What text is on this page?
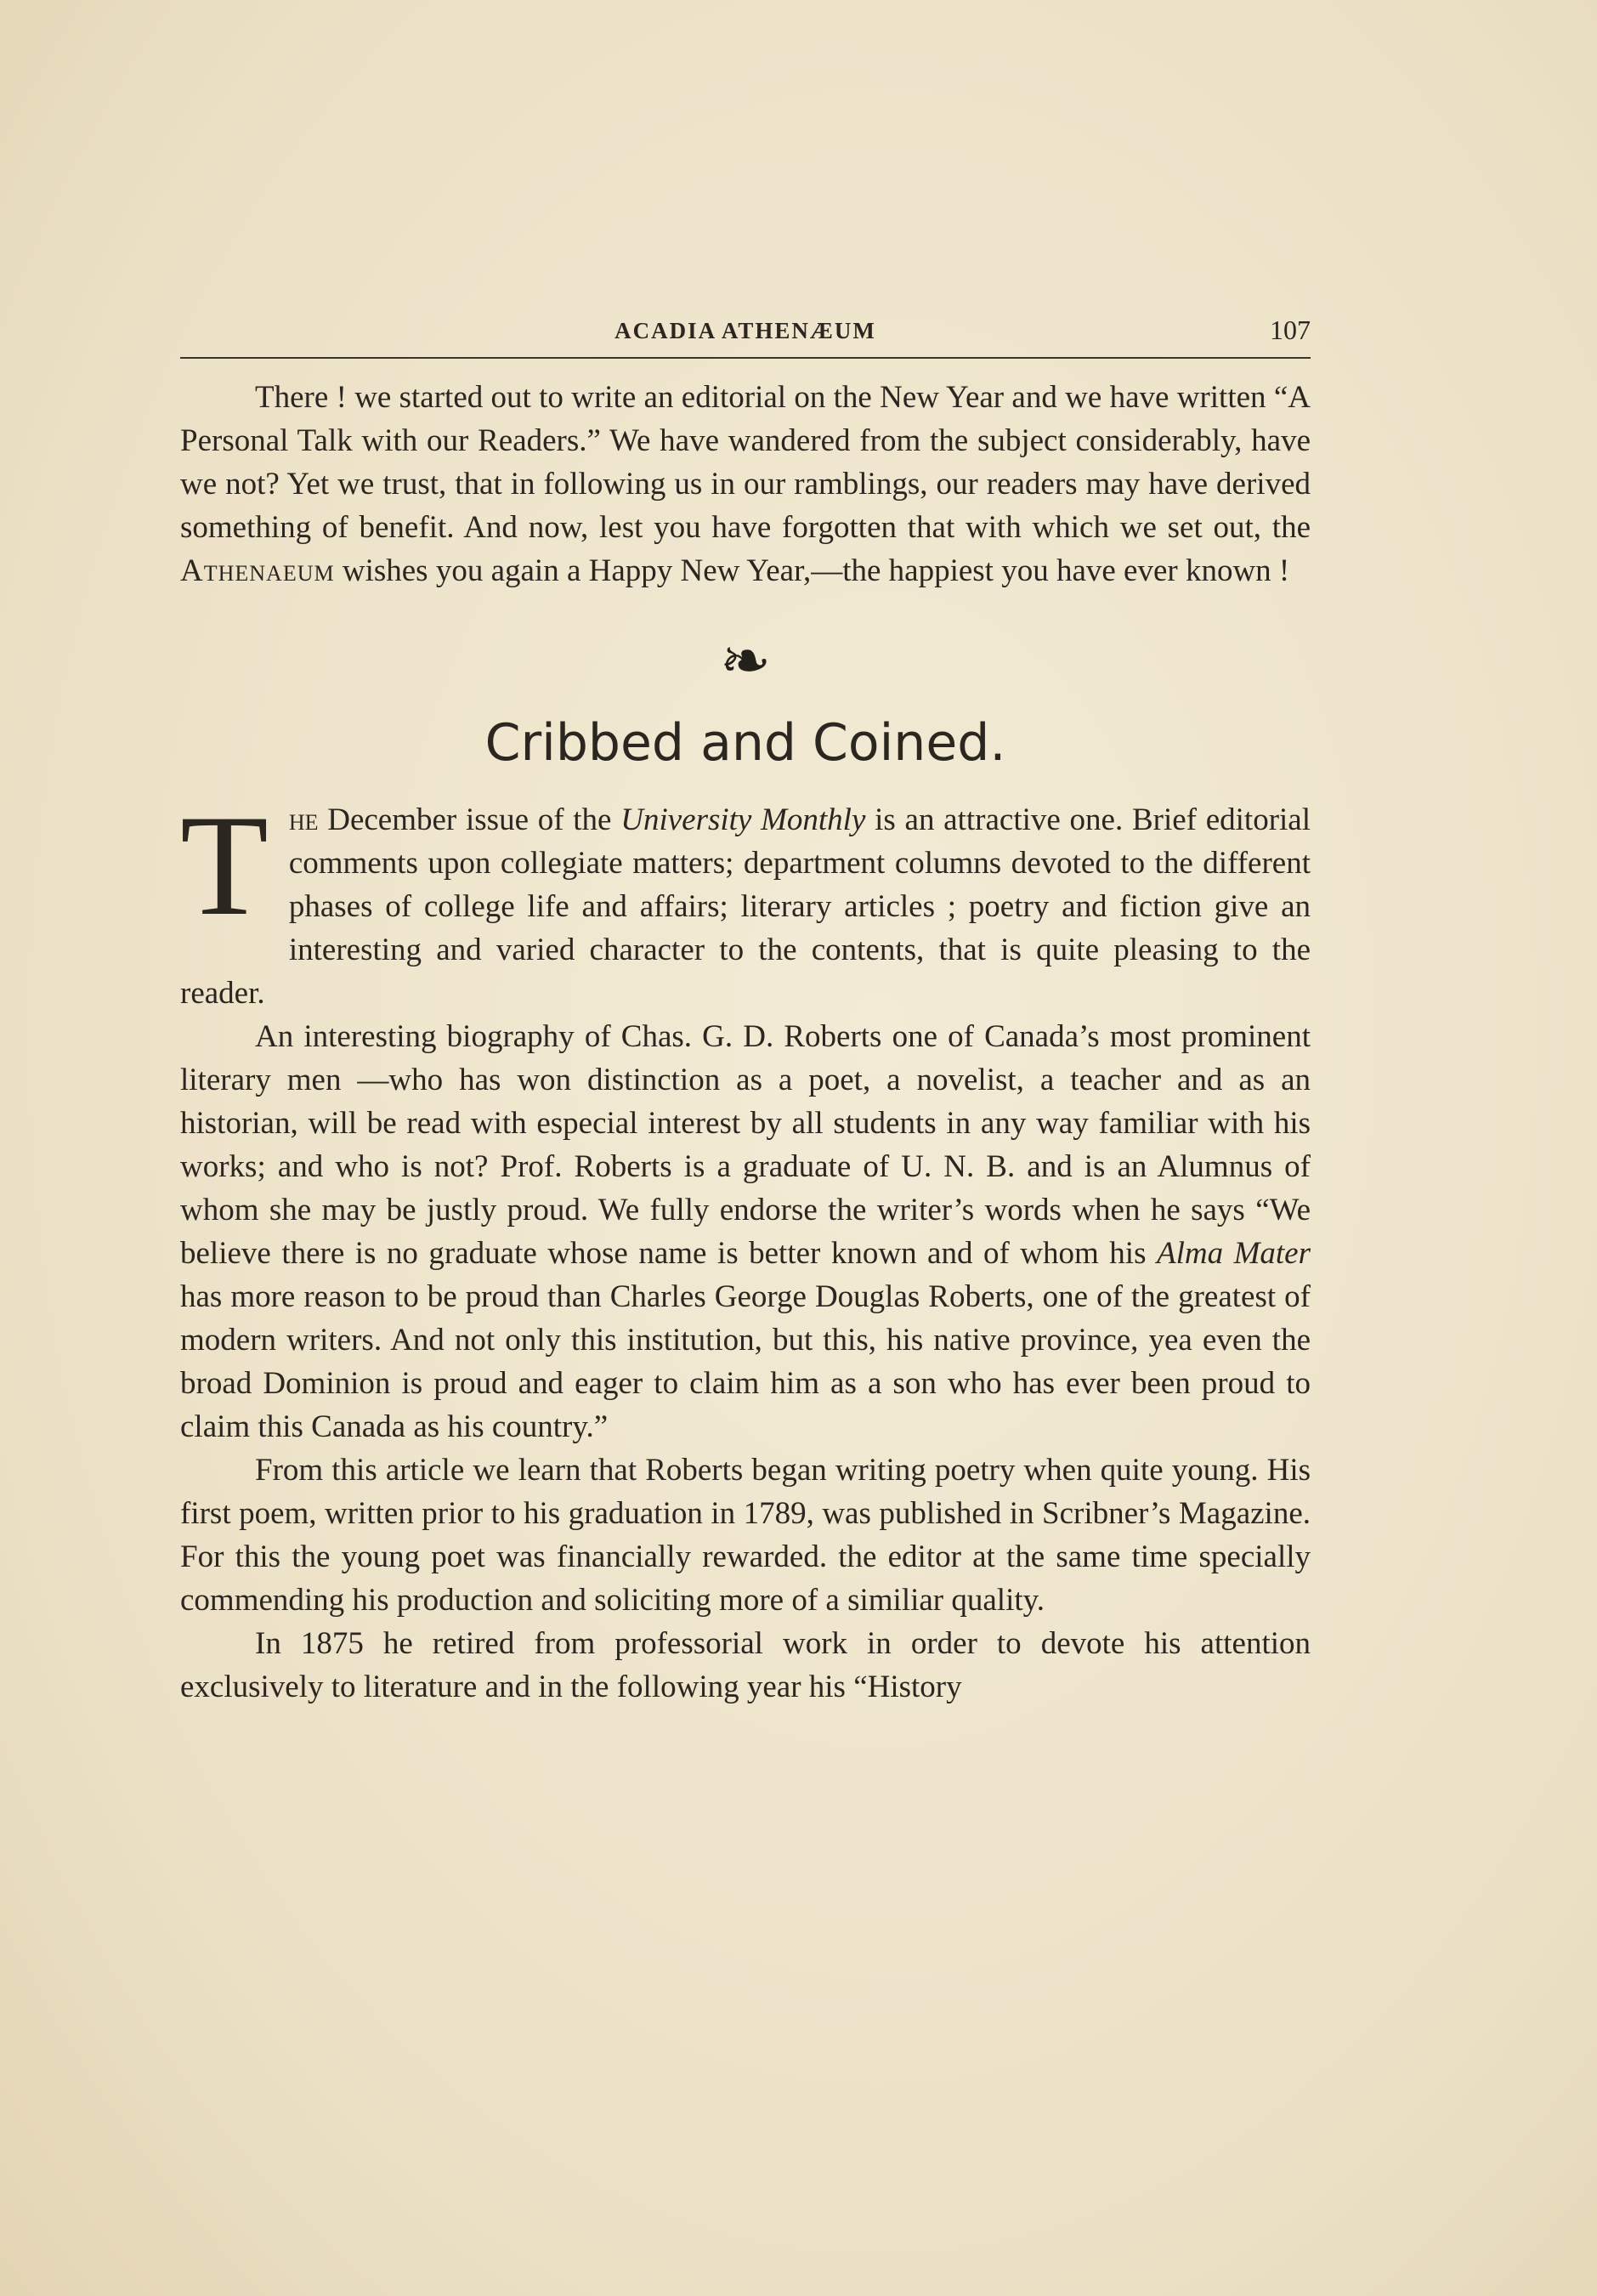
ACADIA ATHENÆUM	107

There ! we started out to write an editorial on the New Year and we have written “A Personal Talk with our Readers.” We have wandered from the subject considerably, have we not? Yet we trust, that in following us in our ramblings, our readers may have derived something of benefit. And now, lest you have forgotten that with which we set out, the Athenaeum wishes you again a Happy New Year,—the happiest you have ever known !

❧
Cribbed and Coined.

The December issue of the University Monthly is an attractive one. Brief editorial comments upon collegiate matters; department columns devoted to the different phases of college life and affairs; literary articles ; poetry and fiction give an interesting and varied character to the contents, that is quite pleasing to the reader.

An interesting biography of Chas. G. D. Roberts one of Canada’s most prominent literary men —who has won distinction as a poet, a novelist, a teacher and as an historian, will be read with especial interest by all students in any way familiar with his works; and who is not? Prof. Roberts is a graduate of U. N. B. and is an Alumnus of whom she may be justly proud. We fully endorse the writer’s words when he says “We believe there is no graduate whose name is better known and of whom his Alma Mater has more reason to be proud than Charles George Douglas Roberts, one of the greatest of modern writers. And not only this institution, but this, his native province, yea even the broad Dominion is proud and eager to claim him as a son who has ever been proud to claim this Canada as his country.”

From this article we learn that Roberts began writing poetry when quite young. His first poem, written prior to his graduation in 1789, was published in Scribner’s Magazine. For this the young poet was financially rewarded. the editor at the same time specially commending his production and soliciting more of a similiar quality.

In 1875 he retired from professorial work in order to devote his attention exclusively to literature and in the following year his “History
